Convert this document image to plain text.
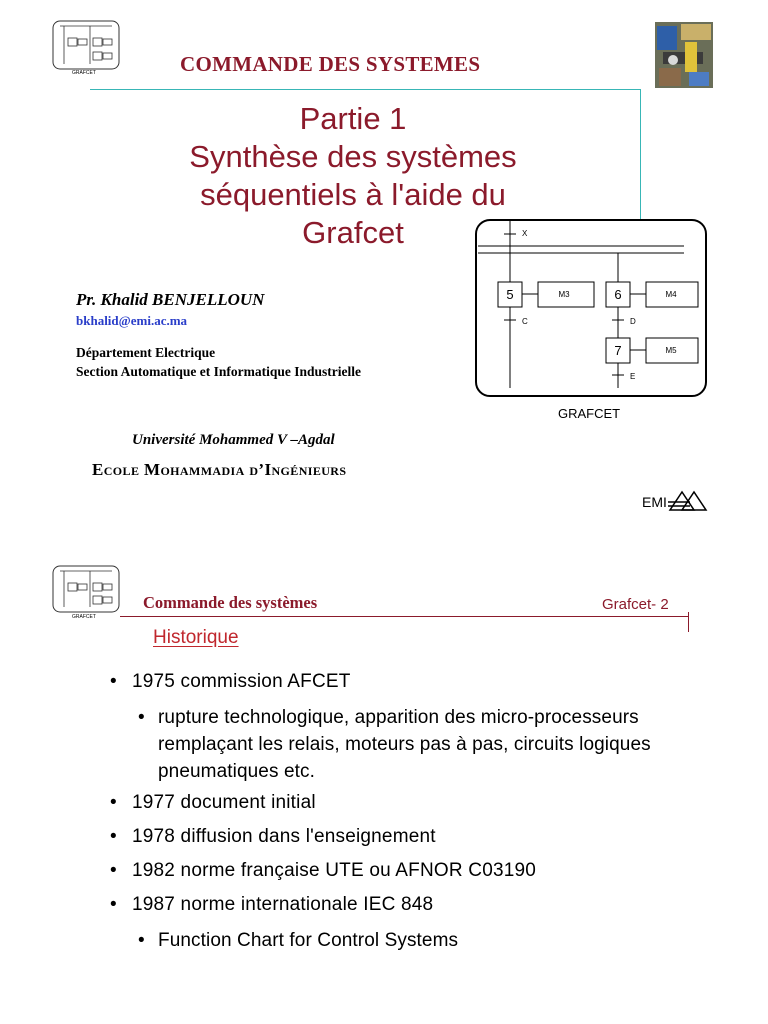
GRAFCET	COMMANDE DES SYSTEMES
Partie 1
Synthèse des systèmes
séquentiels à l'aide du
Grafcet	X
5	M3
C
6	M4
D
7	M5
E
GRAFCET
Pr. Khalid BENJELLOUN
bkhalid@emi.ac.ma
Département Electrique
Section Automatique et Informatique Industrielle
Université Mohammed V –Agdal
Ecole Mohammadia d’Ingénieurs
EMI
GRAFCET
Commande des systèmes	Grafcet- 2
Historique
• 1975 commission AFCET
• rupture technologique, apparition des micro-processeurs remplaçant les relais, moteurs pas à pas, circuits logiques pneumatiques etc.
• 1977 document initial
• 1978 diffusion dans l'enseignement
• 1982 norme française UTE ou AFNOR C03190
• 1987 norme internationale IEC 848
• Function Chart for Control Systems
